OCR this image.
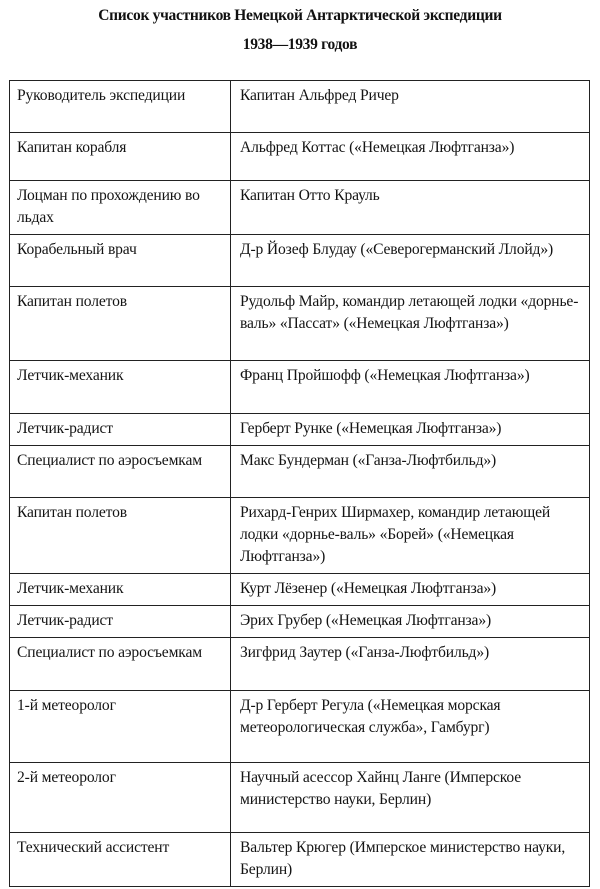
Список участников Немецкой Антарктической экспедиции
1938—1939 годов
Руководитель экспедиции	Капитан Альфред Ричер
Капитан корабля	Альфред Коттас («Немецкая Люфтганза»)
Лоцман по прохождению во льдах	Капитан Отто Крауль
Корабельный врач	Д-р Йозеф Блудау («Северогерманский Ллойд»)
Капитан полетов	Рудольф Майр, командир летающей лодки «дорнье-валь» «Пассат» («Немецкая Люфтганза»)
Летчик-механик	Франц Пройшофф («Немецкая Люфтганза»)
Летчик-радист	Герберт Рунке («Немецкая Люфтганза»)
Специалист по аэросъемкам	Макс Бундерман («Ганза-Люфтбильд»)
Капитан полетов	Рихард-Генрих Ширмахер, командир летающей лодки «дорнье-валь» «Борей» («Немецкая Люфтганза»)
Летчик-механик	Курт Лёзенер («Немецкая Люфтганза»)
Летчик-радист	Эрих Грубер («Немецкая Люфтганза»)
Специалист по аэросъемкам	Зигфрид Заутер («Ганза-Люфтбильд»)
1-й метеоролог	Д-р Герберт Регула («Немецкая морская метеорологическая служба», Гамбург)
2-й метеоролог	Научный асессор Хайнц Ланге (Имперское министерство науки, Берлин)
Технический ассистент	Вальтер Крюгер (Имперское министерство науки, Берлин)
